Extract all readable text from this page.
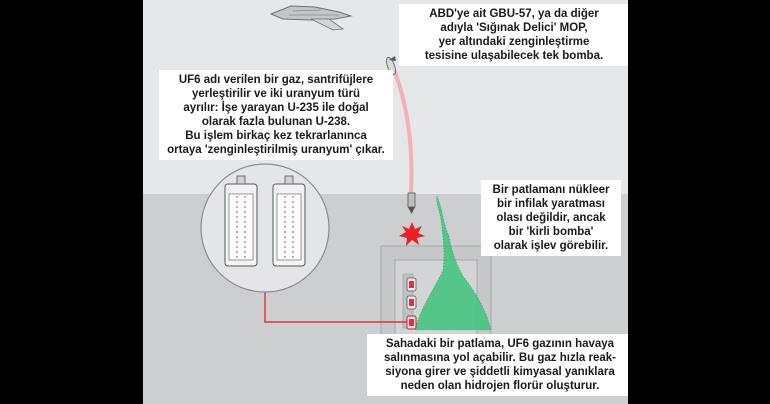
ABD'ye ait GBU-57, ya da diğer
adıyla 'Sığınak Delici' MOP,
yer altındaki zenginleştirme
tesisine ulaşabilecek tek bomba.
UF6 adı verilen bir gaz, santrifüjlere
yerleştirilir ve iki uranyum türü
ayrılır: İşe yarayan U-235 ile doğal
olarak fazla bulunan U-238.
Bu işlem birkaç kez tekrarlanınca
ortaya 'zenginleştirilmiş uranyum' çıkar.
Bir patlamanı nükleer
bir infilak yaratması
olası değildir, ancak
bir 'kirli bomba'
olarak işlev görebilir.
Sahadaki bir patlama, UF6 gazının havaya
salınmasına yol açabilir. Bu gaz hızla reak-
siyona girer ve şiddetli kimyasal yanıklara
neden olan hidrojen florür oluşturur.
